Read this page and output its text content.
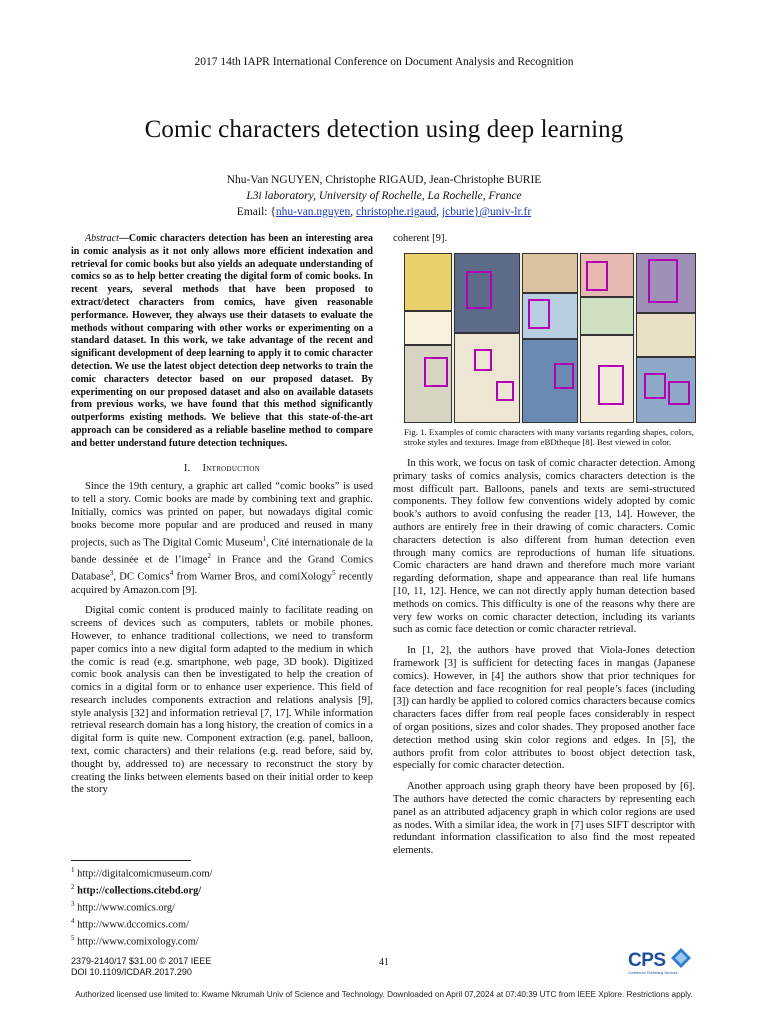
2017 14th IAPR International Conference on Document Analysis and Recognition
Comic characters detection using deep learning
Nhu-Van NGUYEN, Christophe RIGAUD, Jean-Christophe BURIE
L3i laboratory, University of Rochelle, La Rochelle, France
Email: {nhu-van.nguyen, christophe.rigaud, jcburie}@univ-lr.fr

Abstract—Comic characters detection has been an interesting area in comic analysis as it not only allows more efficient indexation and retrieval for comic books but also yields an adequate understanding of comics so as to help better creating the digital form of comic books. In recent years, several methods that have been proposed to extract/detect characters from comics, have given reasonable performance. However, they always use their datasets to evaluate the methods without comparing with other works or experimenting on a standard dataset. In this work, we take advantage of the recent and significant development of deep learning to apply it to comic character detection. We use the latest object detection deep networks to train the comic characters detector based on our proposed dataset. By experimenting on our proposed dataset and also on available datasets from previous works, we have found that this method significantly outperforms existing methods. We believe that this state-of-the-art approach can be considered as a reliable baseline method to compare and better understand future detection techniques.

I. Introduction

Since the 19th century, a graphic art called “comic books” is used to tell a story. Comic books are made by combining text and graphic. Initially, comics was printed on paper, but nowadays digital comic books become more popular and are produced and reused in many projects, such as The Digital Comic Museum$^1$, Cité internationale de la bande dessinée et de l’image$^2$ in France and the Grand Comics Database$^3$, DC Comics$^4$ from Warner Bros, and comiXology$^5$ recently acquired by Amazon.com [9].

Digital comic content is produced mainly to facilitate reading on screens of devices such as computers, tablets or mobile phones. However, to enhance traditional collections, we need to transform paper comics into a new digital form adapted to the medium in which the comic is read (e.g. smartphone, web page, 3D book). Digitized comic book analysis can then be investigated to help the creation of comics in a digital form or to enhance user experience. This field of research includes components extraction and relations analysis [9], style analysis [32] and information retrieval [7, 17]. While information retrieval research domain has a long history, the creation of comics in a digital form is quite new. Component extraction (e.g. panel, balloon, text, comic characters) and their relations (e.g. read before, said by, thought by, addressed to) are necessary to reconstruct the story by creating the links between elements based on their initial order to keep the story

$^1$ http://digitalcomicmuseum.com/
$^2$ http://collections.citebd.org/
$^3$ http://www.comics.org/
$^4$ http://www.dccomics.com/
$^5$ http://www.comixology.com/

coherent [9].

Fig. 1. Examples of comic characters with many variants regarding shapes, colors, stroke styles and textures. Image from eBDtheque [8]. Best viewed in color.

In this work, we focus on task of comic character detection. Among primary tasks of comics analysis, comics characters detection is the most difficult part. Balloons, panels and texts are semi-structured components. They follow few conventions widely adopted by comic book’s authors to avoid confusing the reader [13, 14]. However, the authors are entirely free in their drawing of comic characters. Comic characters detection is also different from human detection even through many comics are reproductions of human life situations. Comic characters are hand drawn and therefore much more variant regarding deformation, shape and appearance than real life humans [10, 11, 12]. Hence, we can not directly apply human detection based methods on comics. This difficulty is one of the reasons why there are very few works on comic character detection, including its variants such as comic face detection or comic character retrieval.

In [1, 2], the authors have proved that Viola-Jones detection framework [3] is sufficient for detecting faces in mangas (Japanese comics). However, in [4] the authors show that prior techniques for face detection and face recognition for real people’s faces (including [3]) can hardly be applied to colored comics characters because comics characters faces differ from real people faces considerably in respect of organ positions, sizes and color shades. They proposed another face detection method using skin color regions and edges. In [5], the authors profit from color attributes to boost object detection task, especially for comic character detection.

Another approach using graph theory have been proposed by [6]. The authors have detected the comic characters by representing each panel as an attributed adjacency graph in which color regions are used as nodes. With a similar idea, the work in [7] uses SIFT descriptor with redundant information classification to also find the most repeated elements.

2379-2140/17 $31.00 © 2017 IEEE
DOI 10.1109/ICDAR.2017.290
41	CPS
Conference Publishing Services
Authorized licensed use limited to: Kwame Nkrumah Univ of Science and Technology. Downloaded on April 07,2024 at 07:40:39 UTC from IEEE Xplore. Restrictions apply.
